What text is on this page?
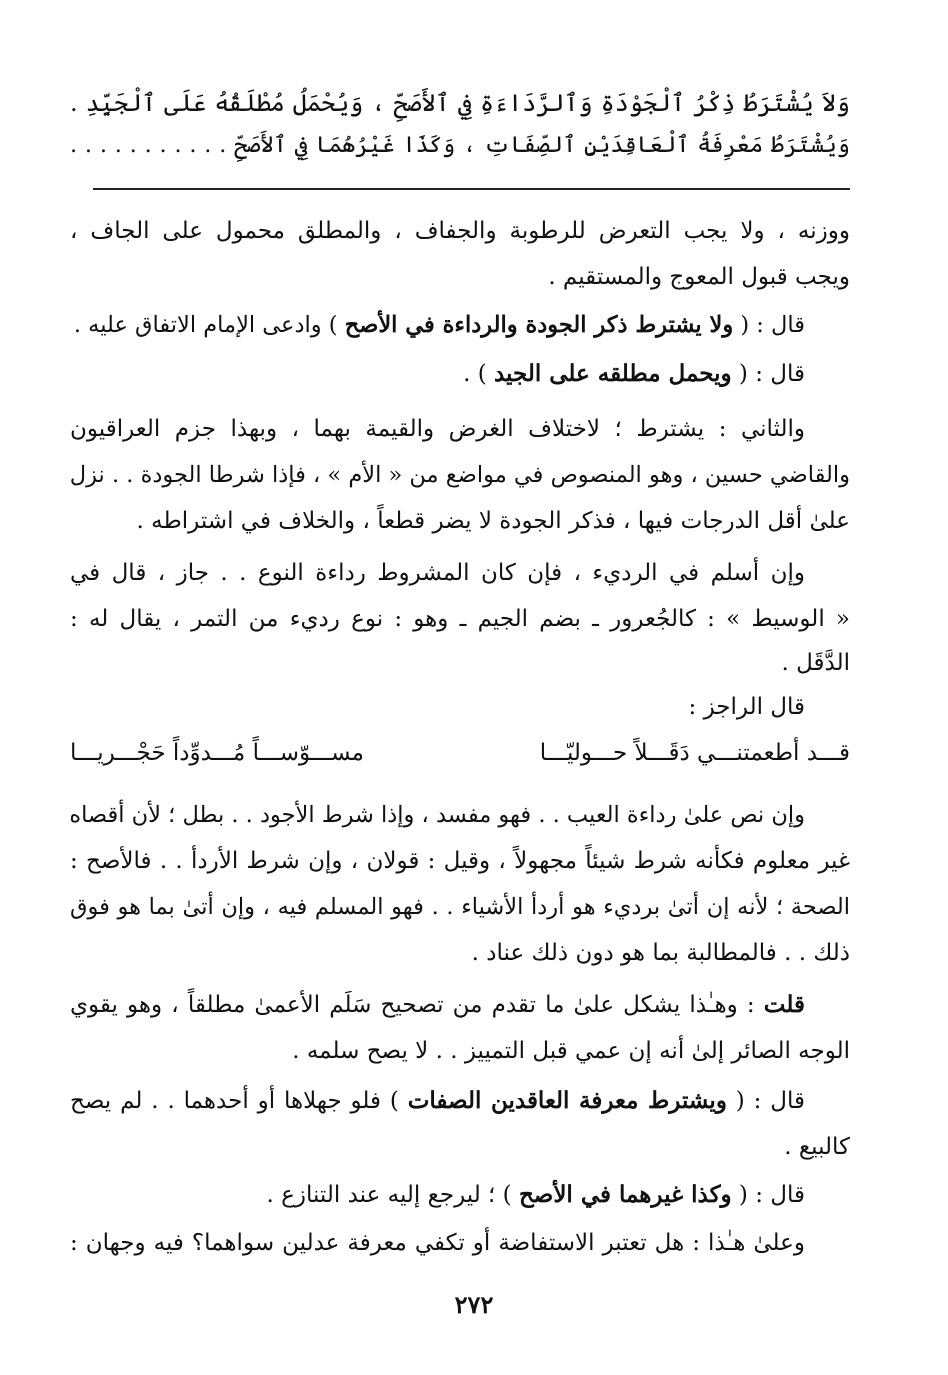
وَلاَ يُشْتَرَطُ ذِكْرُ ٱلْجَوْدَةِ وَٱلرَّدَاءَةِ فِي ٱلأَصَحِّ ، وَيُحْمَلُ مُطْلَقُهُ عَلَى ٱلْجَيِّدِ .
وَيُشْتَرَطُ مَعْرِفَةُ ٱلْعَاقِدَيْنِ ٱلصِّفَاتِ ، وَكَذَا غَيْرُهُمَا فِي ٱلأَصَحِّ . . . . . . . . . . .
ووزنه ، ولا يجب التعرض للرطوبة والجفاف ، والمطلق محمول على الجاف ،
ويجب قبول المعوج والمستقيم .
قال : ( ولا يشترط ذكر الجودة والرداءة في الأصح ) وادعى الإمام الاتفاق عليه .
قال : ( ويحمل مطلقه على الجيد ) .
والثاني : يشترط ؛ لاختلاف الغرض والقيمة بهما ، وبهذا جزم العراقيون
والقاضي حسين ، وهو المنصوص في مواضع من « الأم » ، فإذا شرطا الجودة . . نزل
علىٰ أقل الدرجات فيها ، فذكر الجودة لا يضر قطعاً ، والخلاف في اشتراطه .
وإن أسلم في الرديء ، فإن كان المشروط رداءة النوع . . جاز ، قال في
« الوسيط » : كالجُعرور ـ بضم الجيم ـ وهو : نوع رديء من التمر ، يقال له :
الدَّقَل .
قال الراجز :
قـــد أطعمتنـــي دَقَـــلاً حـــوليّـــا
مســـوّســـاً مُـــدوِّداً حَجْـــريـــا
وإن نص علىٰ رداءة العيب . . فهو مفسد ، وإذا شرط الأجود . . بطل ؛ لأن أقصاه
غير معلوم فكأنه شرط شيئاً مجهولاً ، وقيل : قولان ، وإن شرط الأردأ . . فالأصح :
الصحة ؛ لأنه إن أتىٰ برديء هو أردأ الأشياء . . فهو المسلم فيه ، وإن أتىٰ بما هو فوق
ذلك . . فالمطالبة بما هو دون ذلك عناد .
قلت : وهـٰذا يشكل علىٰ ما تقدم من تصحيح سَلَم الأعمىٰ مطلقاً ، وهو يقوي
الوجه الصائر إلىٰ أنه إن عمي قبل التمييز . . لا يصح سلمه .
قال : ( ويشترط معرفة العاقدين الصفات ) فلو جهلاها أو أحدهما . . لم يصح
كالبيع .
قال : ( وكذا غيرهما في الأصح ) ؛ ليرجع إليه عند التنازع .
وعلىٰ هـٰذا : هل تعتبر الاستفاضة أو تكفي معرفة عدلين سواهما؟ فيه وجهان :
٢٧٢
